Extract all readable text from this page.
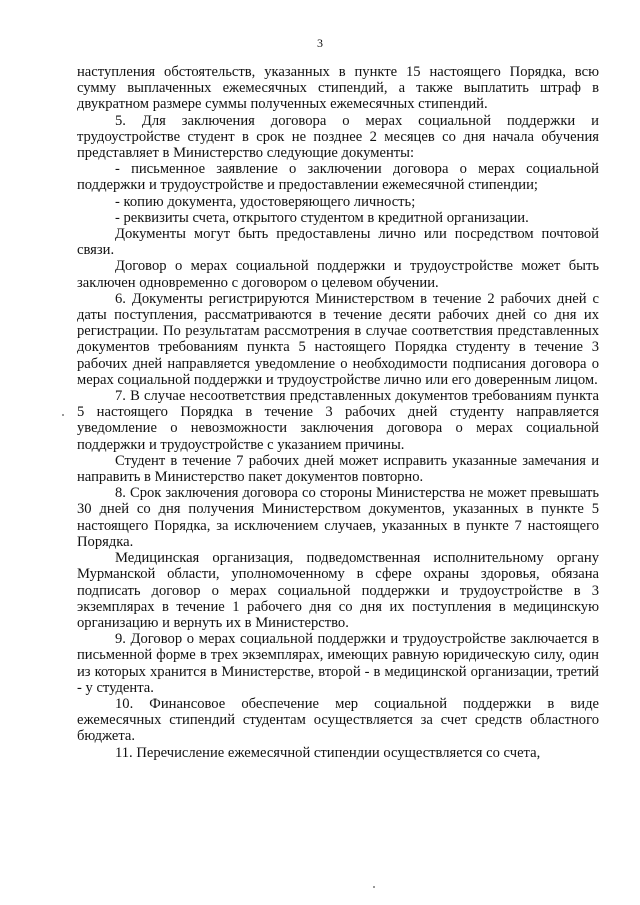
3

наступления обстоятельств, указанных в пункте 15 настоящего Порядка, всю сумму выплаченных ежемесячных стипендий, а также выплатить штраф в двукратном размере суммы полученных ежемесячных стипендий.

5. Для заключения договора о мерах социальной поддержки и трудоустройстве студент в срок не позднее 2 месяцев со дня начала обучения представляет в Министерство следующие документы:

- письменное заявление о заключении договора о мерах социальной поддержки и трудоустройстве и предоставлении ежемесячной стипендии;

- копию документа, удостоверяющего личность;

- реквизиты счета, открытого студентом в кредитной организации.

Документы могут быть предоставлены лично или посредством почтовой связи.

Договор о мерах социальной поддержки и трудоустройстве может быть заключен одновременно с договором о целевом обучении.

6. Документы регистрируются Министерством в течение 2 рабочих дней с даты поступления, рассматриваются в течение десяти рабочих дней со дня их регистрации. По результатам рассмотрения в случае соответствия представленных документов требованиям пункта 5 настоящего Порядка студенту в течение 3 рабочих дней направляется уведомление о необходимости подписания договора о мерах социальной поддержки и трудоустройстве лично или его доверенным лицом.

7. В случае несоответствия представленных документов требованиям пункта 5 настоящего Порядка в течение 3 рабочих дней студенту направляется уведомление о невозможности заключения договора о мерах социальной поддержки и трудоустройстве с указанием причины.

Студент в течение 7 рабочих дней может исправить указанные замечания и направить в Министерство пакет документов повторно.

8. Срок заключения договора со стороны Министерства не может превышать 30 дней со дня получения Министерством документов, указанных в пункте 5 настоящего Порядка, за исключением случаев, указанных в пункте 7 настоящего Порядка.

Медицинская организация, подведомственная исполнительному органу Мурманской области, уполномоченному в сфере охраны здоровья, обязана подписать договор о мерах социальной поддержки и трудоустройстве в 3 экземплярах в течение 1 рабочего дня со дня их поступления в медицинскую организацию и вернуть их в Министерство.

9. Договор о мерах социальной поддержки и трудоустройстве заключается в письменной форме в трех экземплярах, имеющих равную юридическую силу, один из которых хранится в Министерстве, второй - в медицинской организации, третий - у студента.

10. Финансовое обеспечение мер социальной поддержки в виде ежемесячных стипендий студентам осуществляется за счет средств областного бюджета.

11. Перечисление ежемесячной стипендии осуществляется со счета,
